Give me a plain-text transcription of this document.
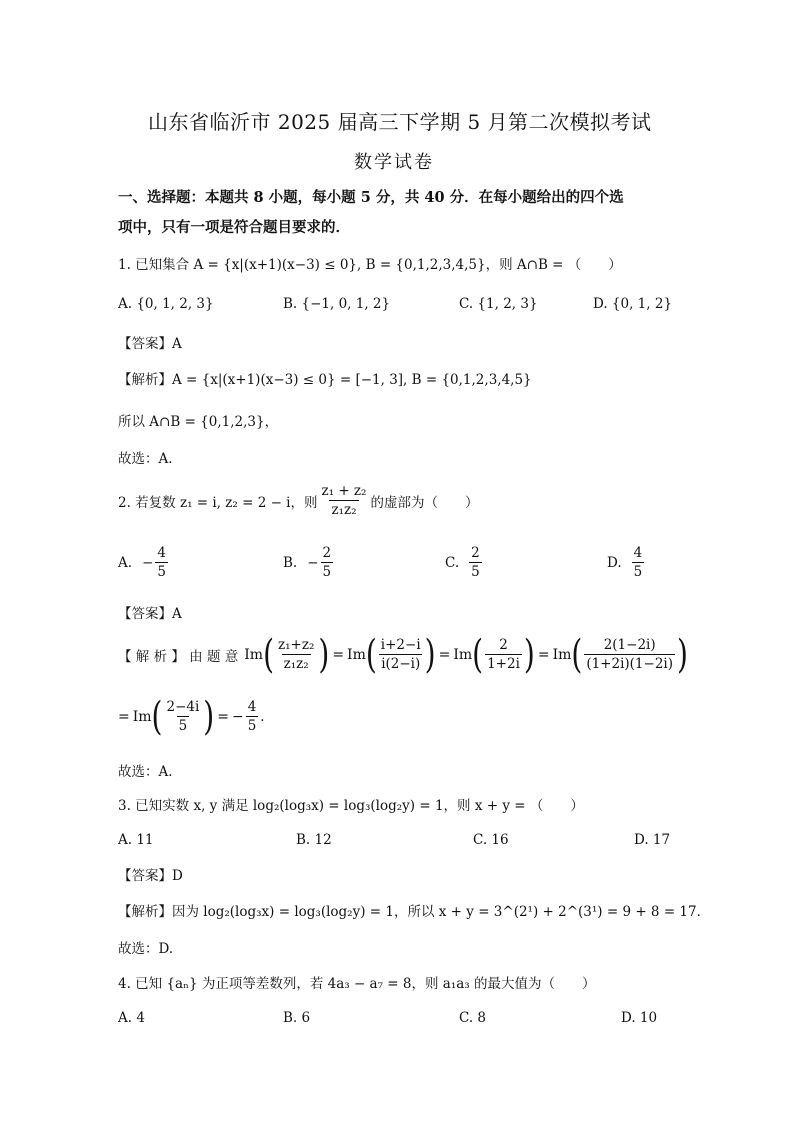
山东省临沂市 2025 届高三下学期 5 月第二次模拟考试
数学试卷
一、选择题：本题共 8 小题，每小题 5 分，共 40 分．在每小题给出的四个选
项中，只有一项是符合题目要求的．
1. 已知集合 A = {x|(x+1)(x−3) ≤ 0}, B = {0,1,2,3,4,5}，则 A∩B = （　　）
A. {0, 1, 2, 3}	B. {−1, 0, 1, 2}	C. {1, 2, 3}	D. {0, 1, 2}
【答案】A
【解析】A = {x|(x+1)(x−3) ≤ 0} = [−1, 3], B = {0,1,2,3,4,5}
所以 A∩B = {0,1,2,3}，
故选：A.
2. 若复数 z₁ = i, z₂ = 2 − i，则 $\frac{\text{z₁ + z₂}}{\text{z₁z₂}}$ 的虚部为（　　）
A. − $\frac{4}{5}$	B. − $\frac{2}{5}$	C. $\frac{2}{5}$	D. $\frac{4}{5}$
【答案】A
【 解 析 】 由 题 意 Im ( $\frac{\text{z₁+z₂}}{\text{z₁z₂}}$ ) = Im ( $\frac{i+2-i}{i(2-i)}$ ) = Im ( $\frac{2}{1+2i}$ ) = Im ( $\frac{2(1-2i)}{(1+2i)(1-2i)}$ )
= Im ( $\frac{2-4i}{5}$ ) = − $\frac{4}{5}$ .
故选：A.
3. 已知实数 x, y 满足 log₂(log₃x) = log₃(log₂y) = 1，则 x + y = （　　）
A. 11	B. 12	C. 16	D. 17
【答案】D
【解析】因为 log₂(log₃x) = log₃(log₂y) = 1，所以 x + y = 3^(2¹) + 2^(3¹) = 9 + 8 = 17．
故选：D.
4. 已知 {aₙ} 为正项等差数列，若 4a₃ − a₇ = 8，则 a₁a₃ 的最大值为（　　）
A. 4	B. 6	C. 8	D. 10
